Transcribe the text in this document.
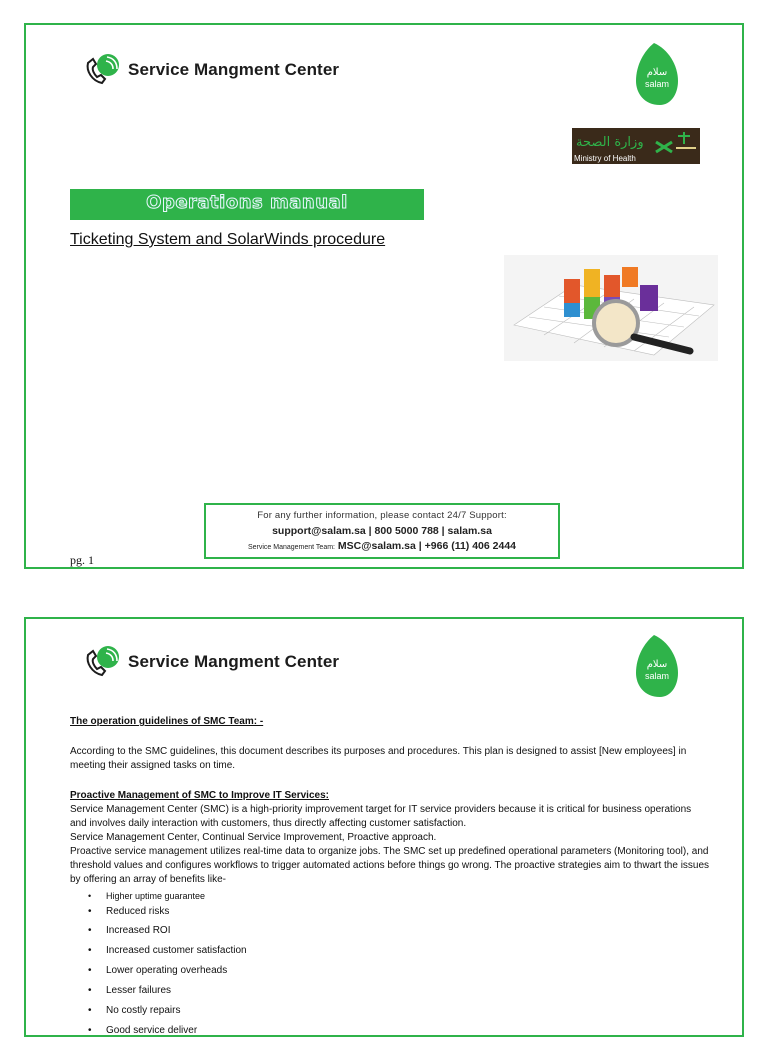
Service Mangment Center	سلام
salam
وزارة الصحة
Ministry of Health
Operations manual
Ticketing System and SolarWinds procedure
For any further information, please contact 24/7 Support:
support@salam.sa | 800 5000 788 | salam.sa
Service Management Team: MSC@salam.sa | +966 (11) 406 2444
pg. 1
Service Mangment Center	سلام
salam
The operation guidelines of SMC Team: -
According to the SMC guidelines, this document describes its purposes and procedures. This plan is designed to assist [New employees] in meeting their assigned tasks on time.
Proactive Management of SMC to Improve IT Services:
Service Management Center (SMC) is a high-priority improvement target for IT service providers because it is critical for business operations and involves daily interaction with customers, thus directly affecting customer satisfaction.
Service Management Center, Continual Service Improvement, Proactive approach.
Proactive service management utilizes real-time data to organize jobs. The SMC set up predefined operational parameters (Monitoring tool), and threshold values and configures workflows to trigger automated actions before things go wrong. The proactive strategies aim to thwart the issues by offering an array of benefits like-
• Higher uptime guarantee
• Reduced risks
• Increased ROI
• Increased customer satisfaction
• Lower operating overheads
• Lesser failures
• No costly repairs
• Good service deliver
